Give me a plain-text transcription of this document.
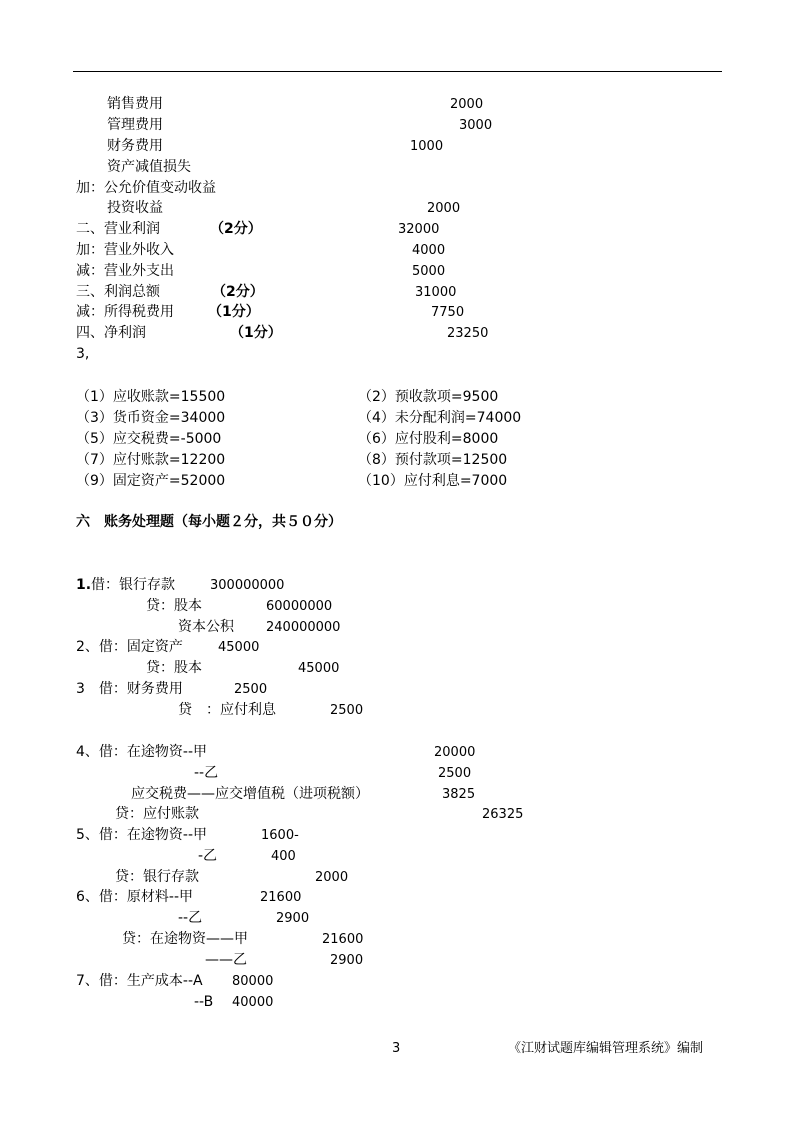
销售费用	2000
管理费用	3000
财务费用	1000
资产减值损失
加：公允价值变动收益
投资收益	2000
二、营业利润	（2分）	32000
加：营业外收入	4000
减：营业外支出	5000
三、利润总额	（2分）	31000
减：所得税费用 （1分）	7750
四、净利润	（1分）	23250
3,
（1）应收账款=15500	（2）预收款项=9500
（3）货币资金=34000	（4）未分配利润=74000
（5）应交税费=-5000	（6）应付股利=8000
（7）应付账款=12200	（8）预付款项=12500
（9）固定资产=52000	（10）应付利息=7000
六　账务处理题（每小题２分，共５０分）
1. 借：银行存款	300000000
贷：股本	60000000
资本公积 240000000
2、借：固定资产	45000
贷：股本	45000
3　借：财务费用	2500
贷　：应付利息	2500
4、借：在途物资--甲	20000
--乙	2500
应交税费——应交增值税（进项税额）	3825
贷：应付账款	26325
5、借：在途物资--甲	1600-
-乙	400
贷：银行存款	2000
6、借：原材料--甲	21600
--乙	2900
贷：在途物资——甲	21600
——乙	2900
7、借：生产成本--A 80000
--B 40000
3	《江财试题库编辑管理系统》编制
